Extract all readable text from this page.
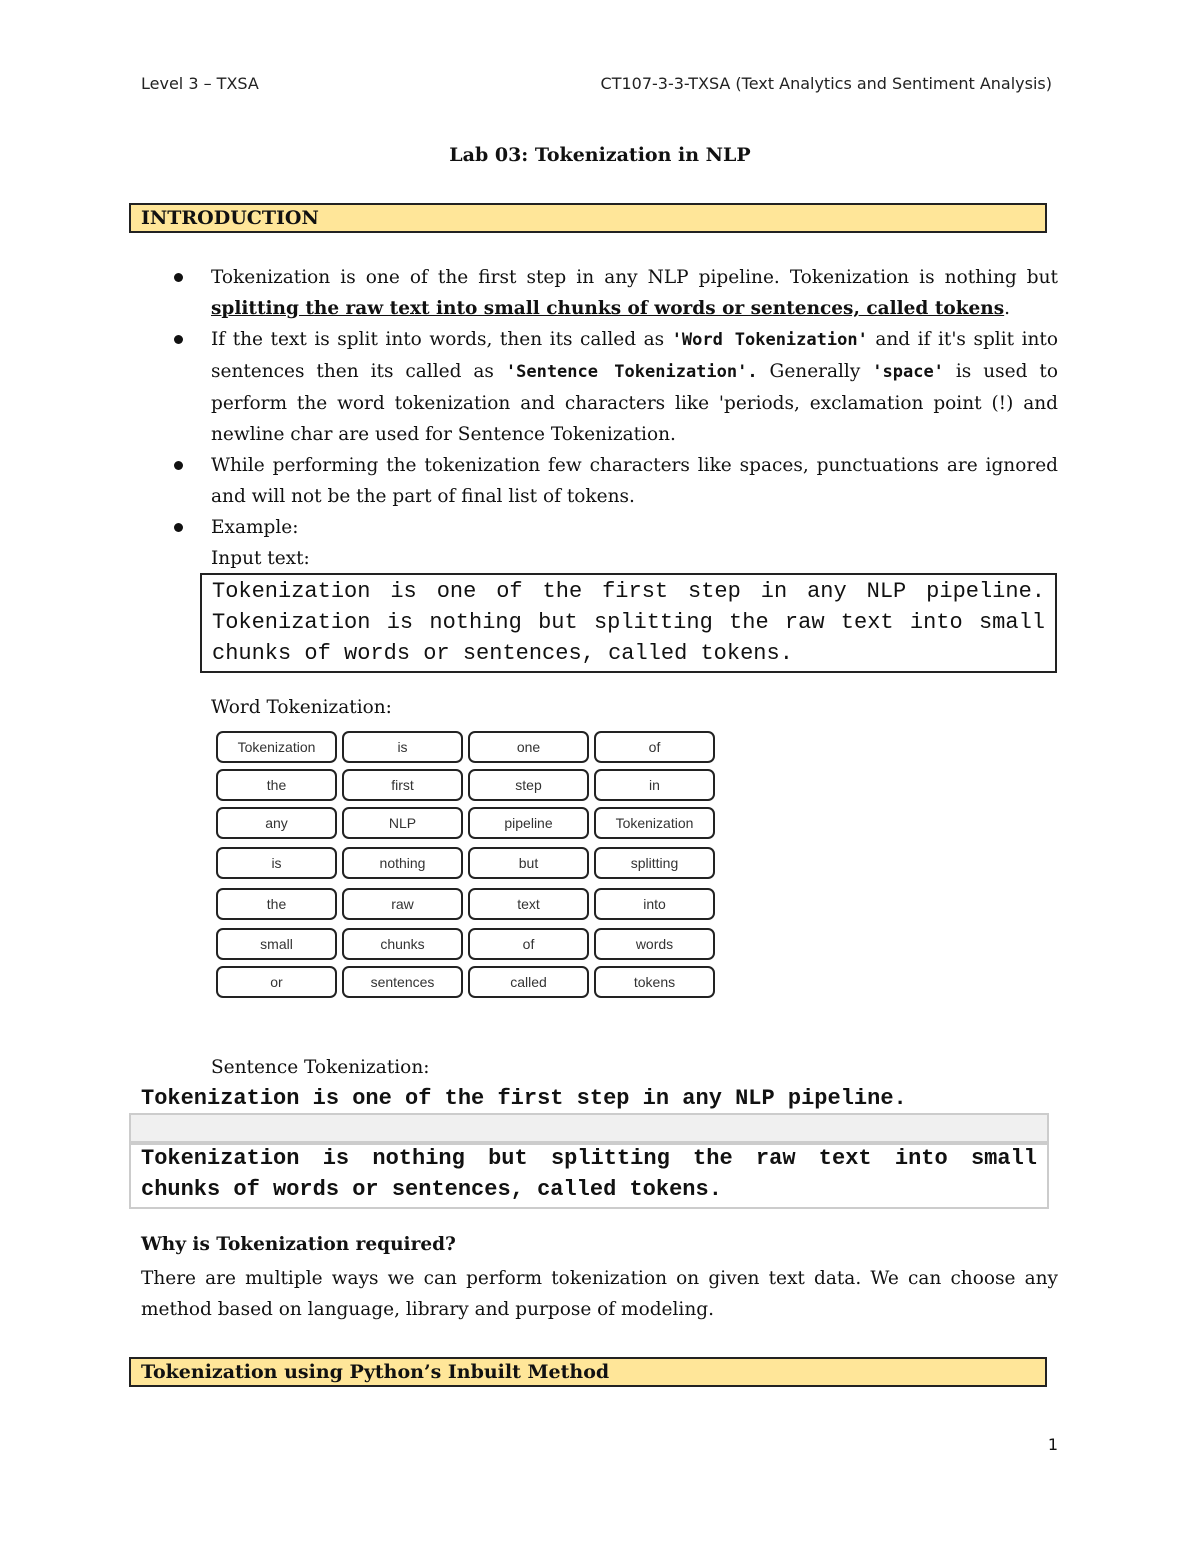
Level 3 – TXSA	CT107-3-3-TXSA (Text Analytics and Sentiment Analysis)
Lab 03: Tokenization in NLP
INTRODUCTION
Tokenization is one of the first step in any NLP pipeline. Tokenization is nothing but splitting the raw text into small chunks of words or sentences, called tokens.
If the text is split into words, then its called as 'Word Tokenization' and if it's split into sentences then its called as 'Sentence Tokenization'. Generally 'space' is used to perform the word tokenization and characters like 'periods, exclamation point (!) and newline char are used for Sentence Tokenization.
While performing the tokenization few characters like spaces, punctuations are ignored and will not be the part of final list of tokens.
Example:
Input text:
Tokenization is one of the first step in any NLP pipeline. Tokenization is nothing but splitting the raw text into small chunks of words or sentences, called tokens.
Word Tokenization:
Tokenization	is	one	of
the	first	step	in
any	NLP	pipeline	Tokenization
is	nothing	but	splitting
the	raw	text	into
small	chunks	of	words
or	sentences	called	tokens
Sentence Tokenization:
Tokenization is one of the first step in any NLP pipeline.
Tokenization is nothing but splitting the raw text into small chunks of words or sentences, called tokens.
Why is Tokenization required?
There are multiple ways we can perform tokenization on given text data. We can choose any method based on language, library and purpose of modeling.
Tokenization using Python’s Inbuilt Method
1
